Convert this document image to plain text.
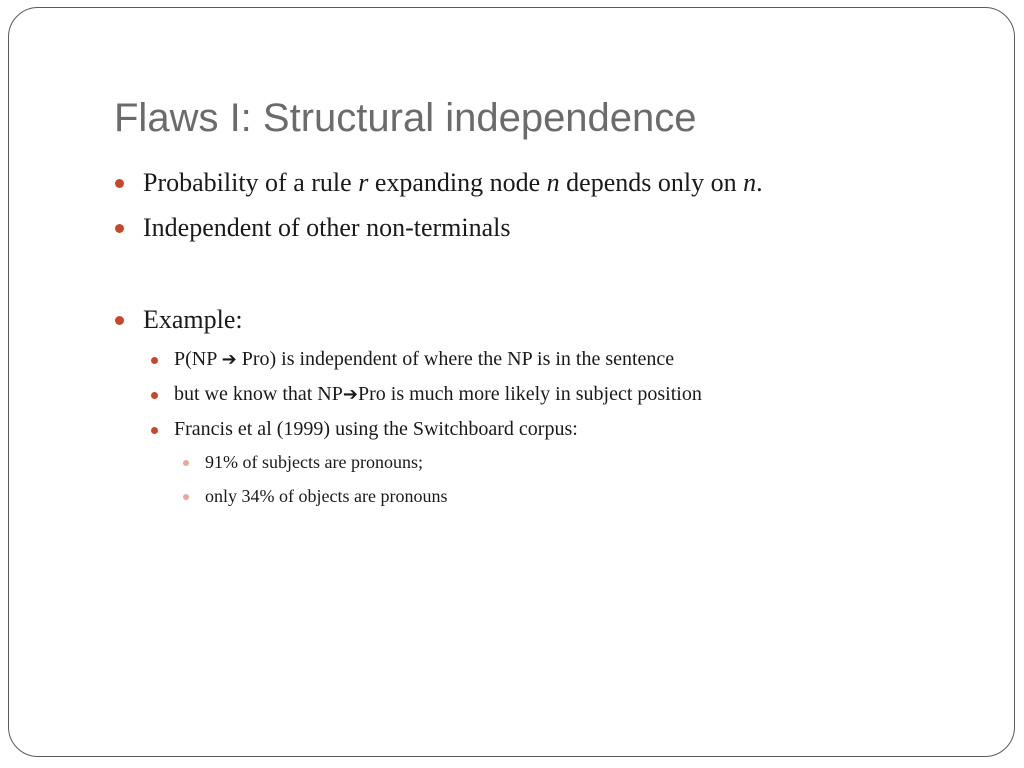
Flaws I: Structural independence
Probability of a rule r expanding node n depends only on n.
Independent of other non-terminals
Example:
P(NP ➔ Pro) is independent of where the NP is in the sentence
but we know that NP➔Pro is much more likely in subject position
Francis et al (1999) using the Switchboard corpus:
91% of subjects are pronouns;
only 34% of objects are pronouns
